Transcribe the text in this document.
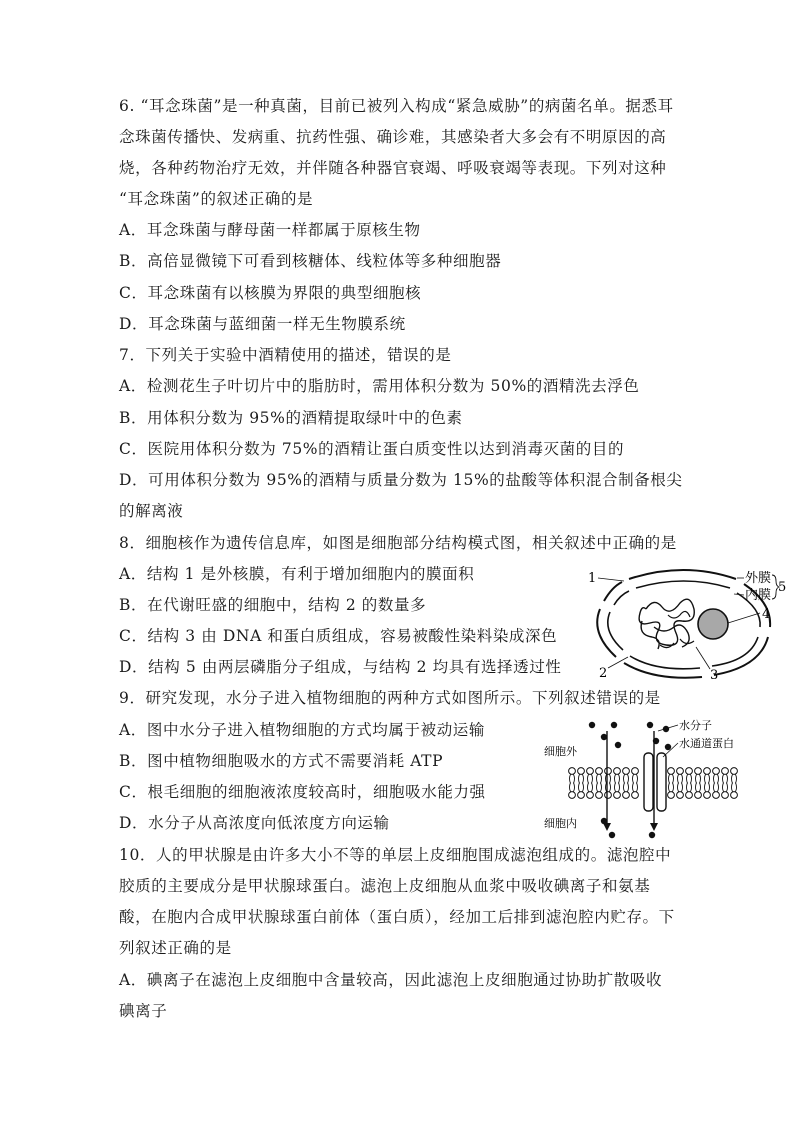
6. “耳念珠菌”是一种真菌，目前已被列入构成“紧急威胁”的病菌名单。据悉耳
念珠菌传播快、发病重、抗药性强、确诊难，其感染者大多会有不明原因的高
烧，各种药物治疗无效，并伴随各种器官衰竭、呼吸衰竭等表现。下列对这种
“耳念珠菌”的叙述正确的是
A．耳念珠菌与酵母菌一样都属于原核生物
B．高倍显微镜下可看到核糖体、线粒体等多种细胞器
C．耳念珠菌有以核膜为界限的典型细胞核
D．耳念珠菌与蓝细菌一样无生物膜系统
7．下列关于实验中酒精使用的描述，错误的是
A．检测花生子叶切片中的脂肪时，需用体积分数为 50%的酒精洗去浮色
B．用体积分数为 95%的酒精提取绿叶中的色素
C．医院用体积分数为 75%的酒精让蛋白质变性以达到消毒灭菌的目的
D．可用体积分数为 95%的酒精与质量分数为 15%的盐酸等体积混合制备根尖
的解离液
8．细胞核作为遗传信息库，如图是细胞部分结构模式图，相关叙述中正确的是
A．结构 1 是外核膜，有利于增加细胞内的膜面积
B．在代谢旺盛的细胞中，结构 2 的数量多
C．结构 3 由 DNA 和蛋白质组成，容易被酸性染料染成深色
D．结构 5 由两层磷脂分子组成，与结构 2 均具有选择透过性
1
2	3
4
外膜
内膜
5
9．研究发现，水分子进入植物细胞的两种方式如图所示。下列叙述错误的是
A．图中水分子进入植物细胞的方式均属于被动运输
B．图中植物细胞吸水的方式不需要消耗 ATP
C．根毛细胞的细胞液浓度较高时，细胞吸水能力强
D．水分子从高浓度向低浓度方向运输
水分子
水通道蛋白
细胞外
细胞内
10．人的甲状腺是由许多大小不等的单层上皮细胞围成滤泡组成的。滤泡腔中
胶质的主要成分是甲状腺球蛋白。滤泡上皮细胞从血浆中吸收碘离子和氨基
酸，在胞内合成甲状腺球蛋白前体（蛋白质），经加工后排到滤泡腔内贮存。下
列叙述正确的是
A．碘离子在滤泡上皮细胞中含量较高，因此滤泡上皮细胞通过协助扩散吸收
碘离子
